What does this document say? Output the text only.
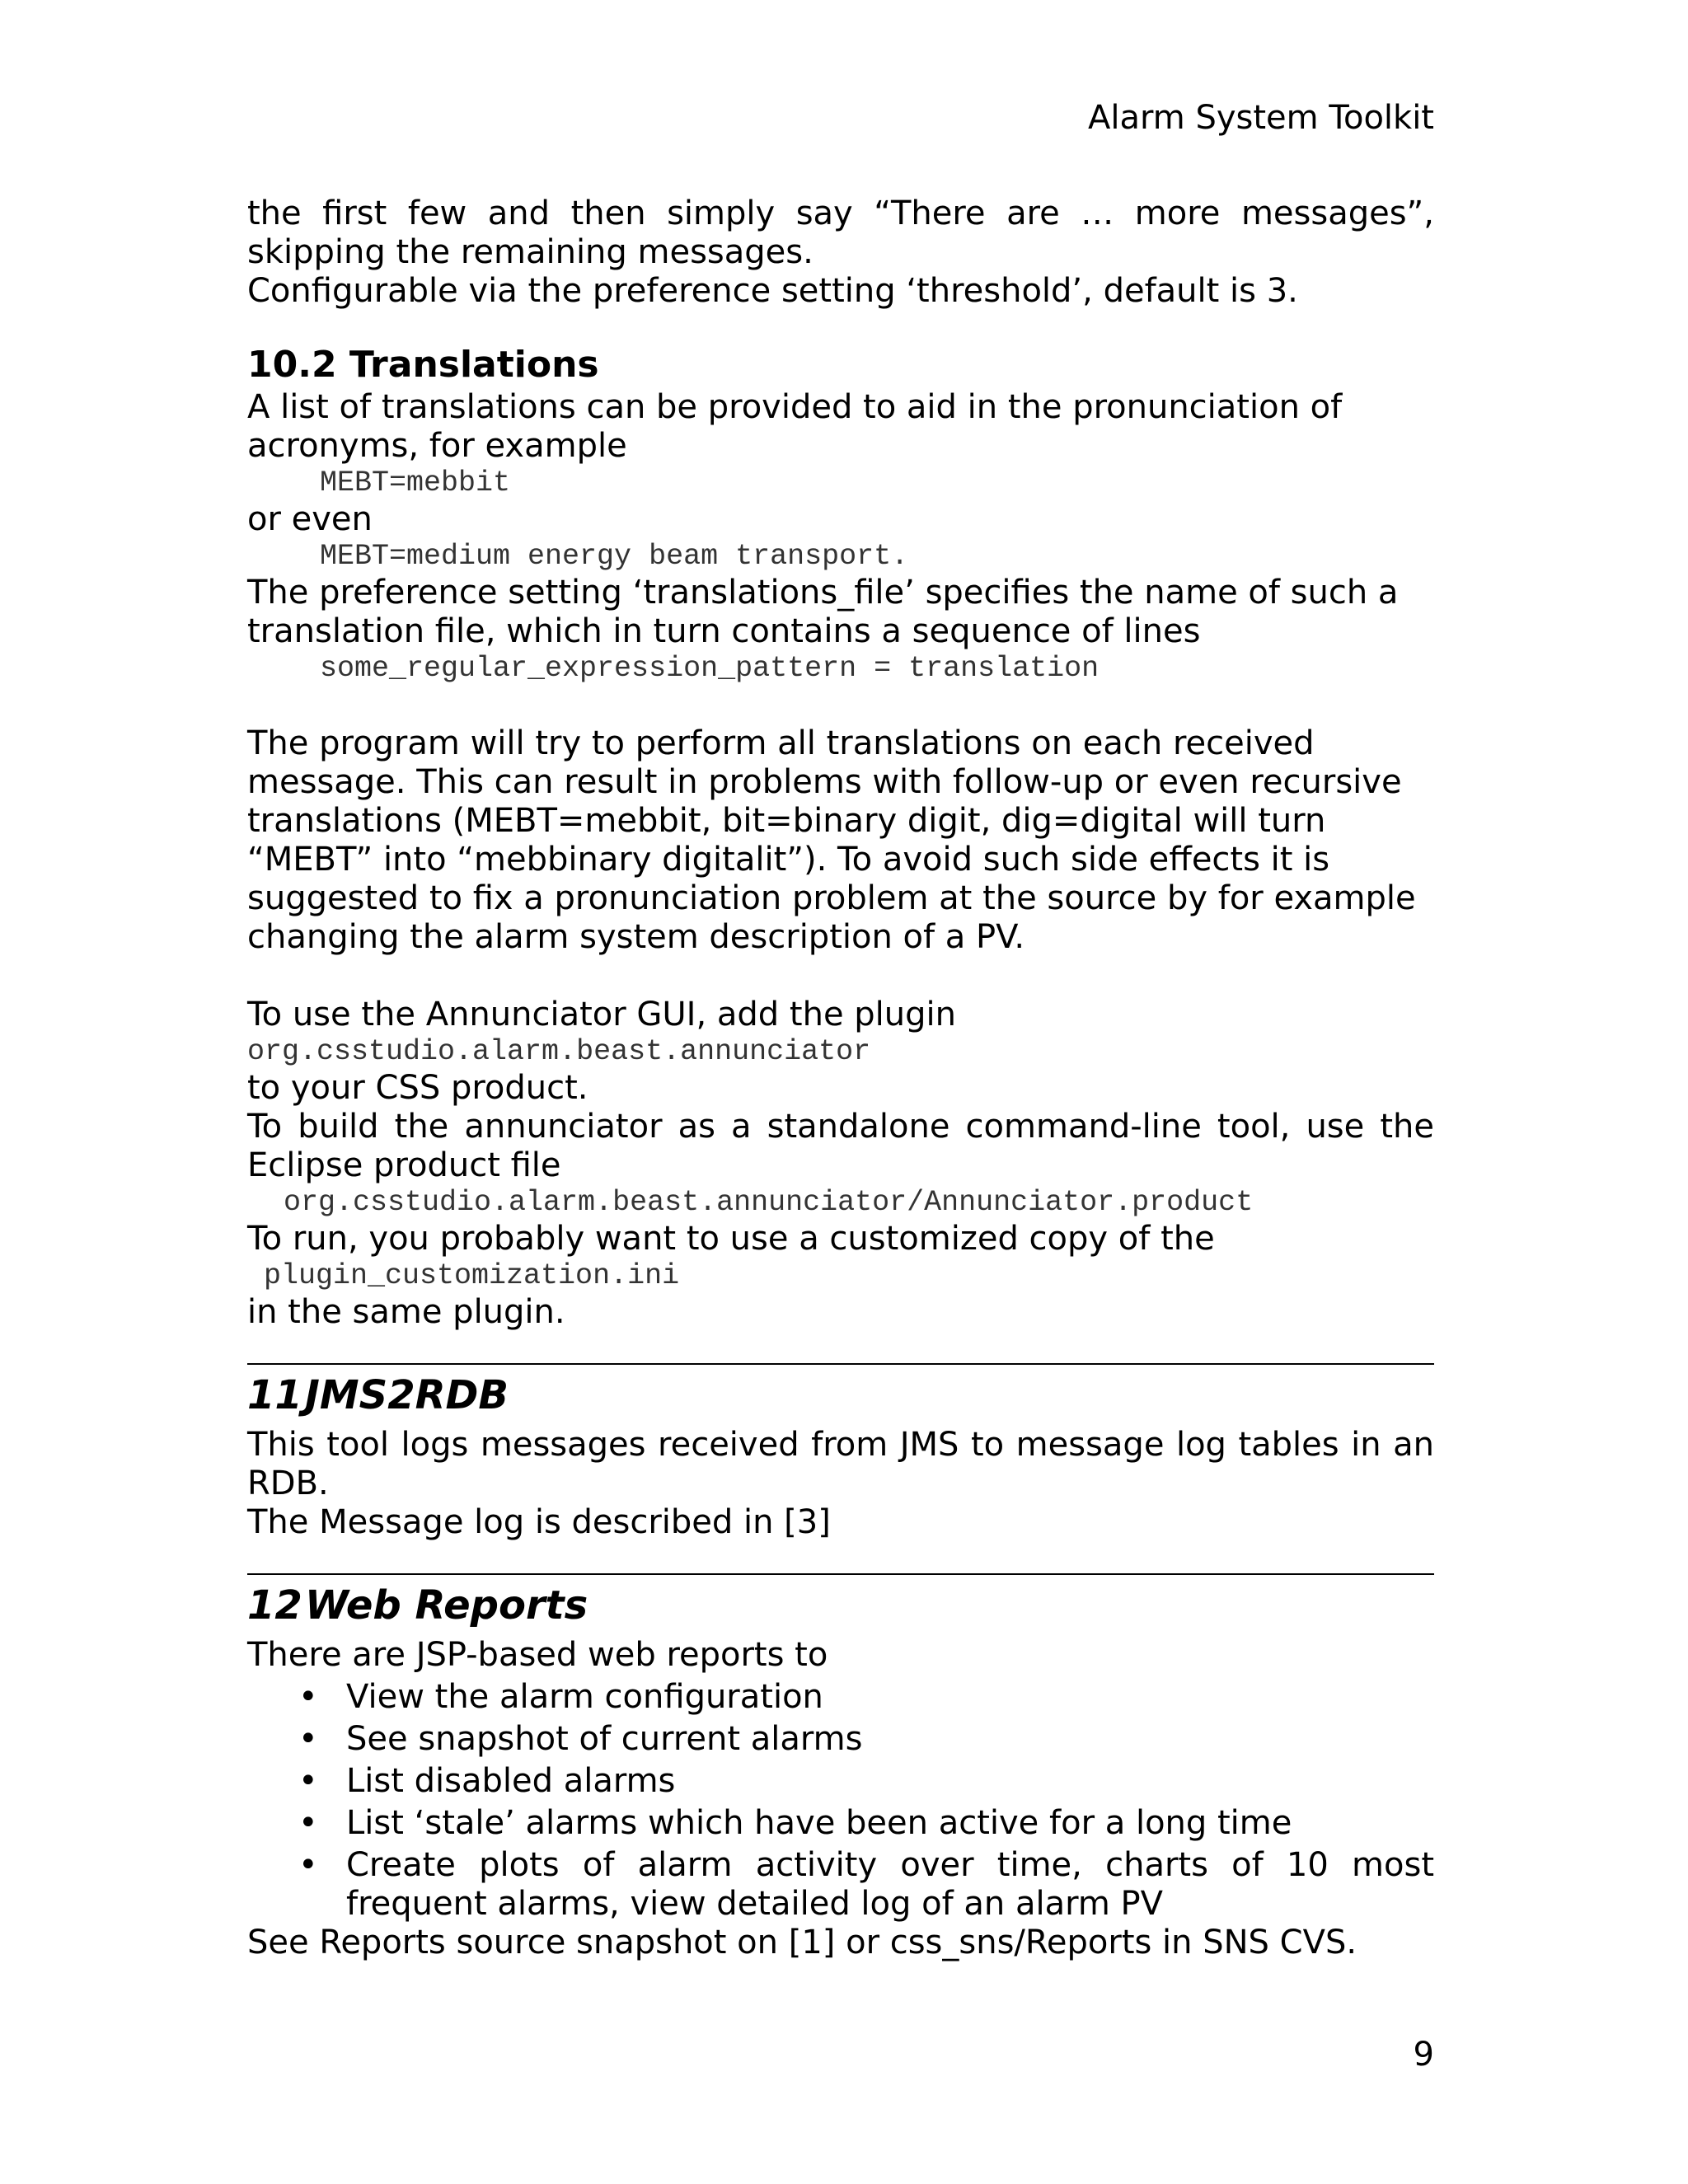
Alarm System Toolkit

the first few and then simply say “There are … more messages”,

skipping the remaining messages.

Configurable via the preference setting ‘threshold’, default is 3.

10.2 Translations

A list of translations can be provided to aid in the pronunciation of acronyms, for example

MEBT=mebbit

or even

MEBT=medium energy beam transport.

The preference setting ‘translations_file’ specifies the name of such a translation file, which in turn contains a sequence of lines

some_regular_expression_pattern = translation

The program will try to perform all translations on each received message. This can result in problems with follow-up or even recursive translations (MEBT=mebbit, bit=binary digit, dig=digital will turn “MEBT” into “mebbinary digitalit”). To avoid such side effects it is suggested to fix a pronunciation problem at the source by for example changing the alarm system description of a PV.

To use the Annunciator GUI, add the plugin

org.csstudio.alarm.beast.annunciator

to your CSS product.

To build the annunciator as a standalone command-line tool, use the

Eclipse product file

org.csstudio.alarm.beast.annunciator/Annunciator.product

To run, you probably want to use a customized copy of the

plugin_customization.ini

in the same plugin.

11JMS2RDB

This tool logs messages received from JMS to message log tables in an

RDB.

The Message log is described in [3]

12Web Reports

There are JSP-based web reports to

• View the alarm configuration
• See snapshot of current alarms
• List disabled alarms
• List ‘stale’ alarms which have been active for a long time
• Create plots of alarm activity over time, charts of 10 most
frequent alarms, view detailed log of an alarm PV

See Reports source snapshot on [1] or css_sns/Reports in SNS CVS.

9
